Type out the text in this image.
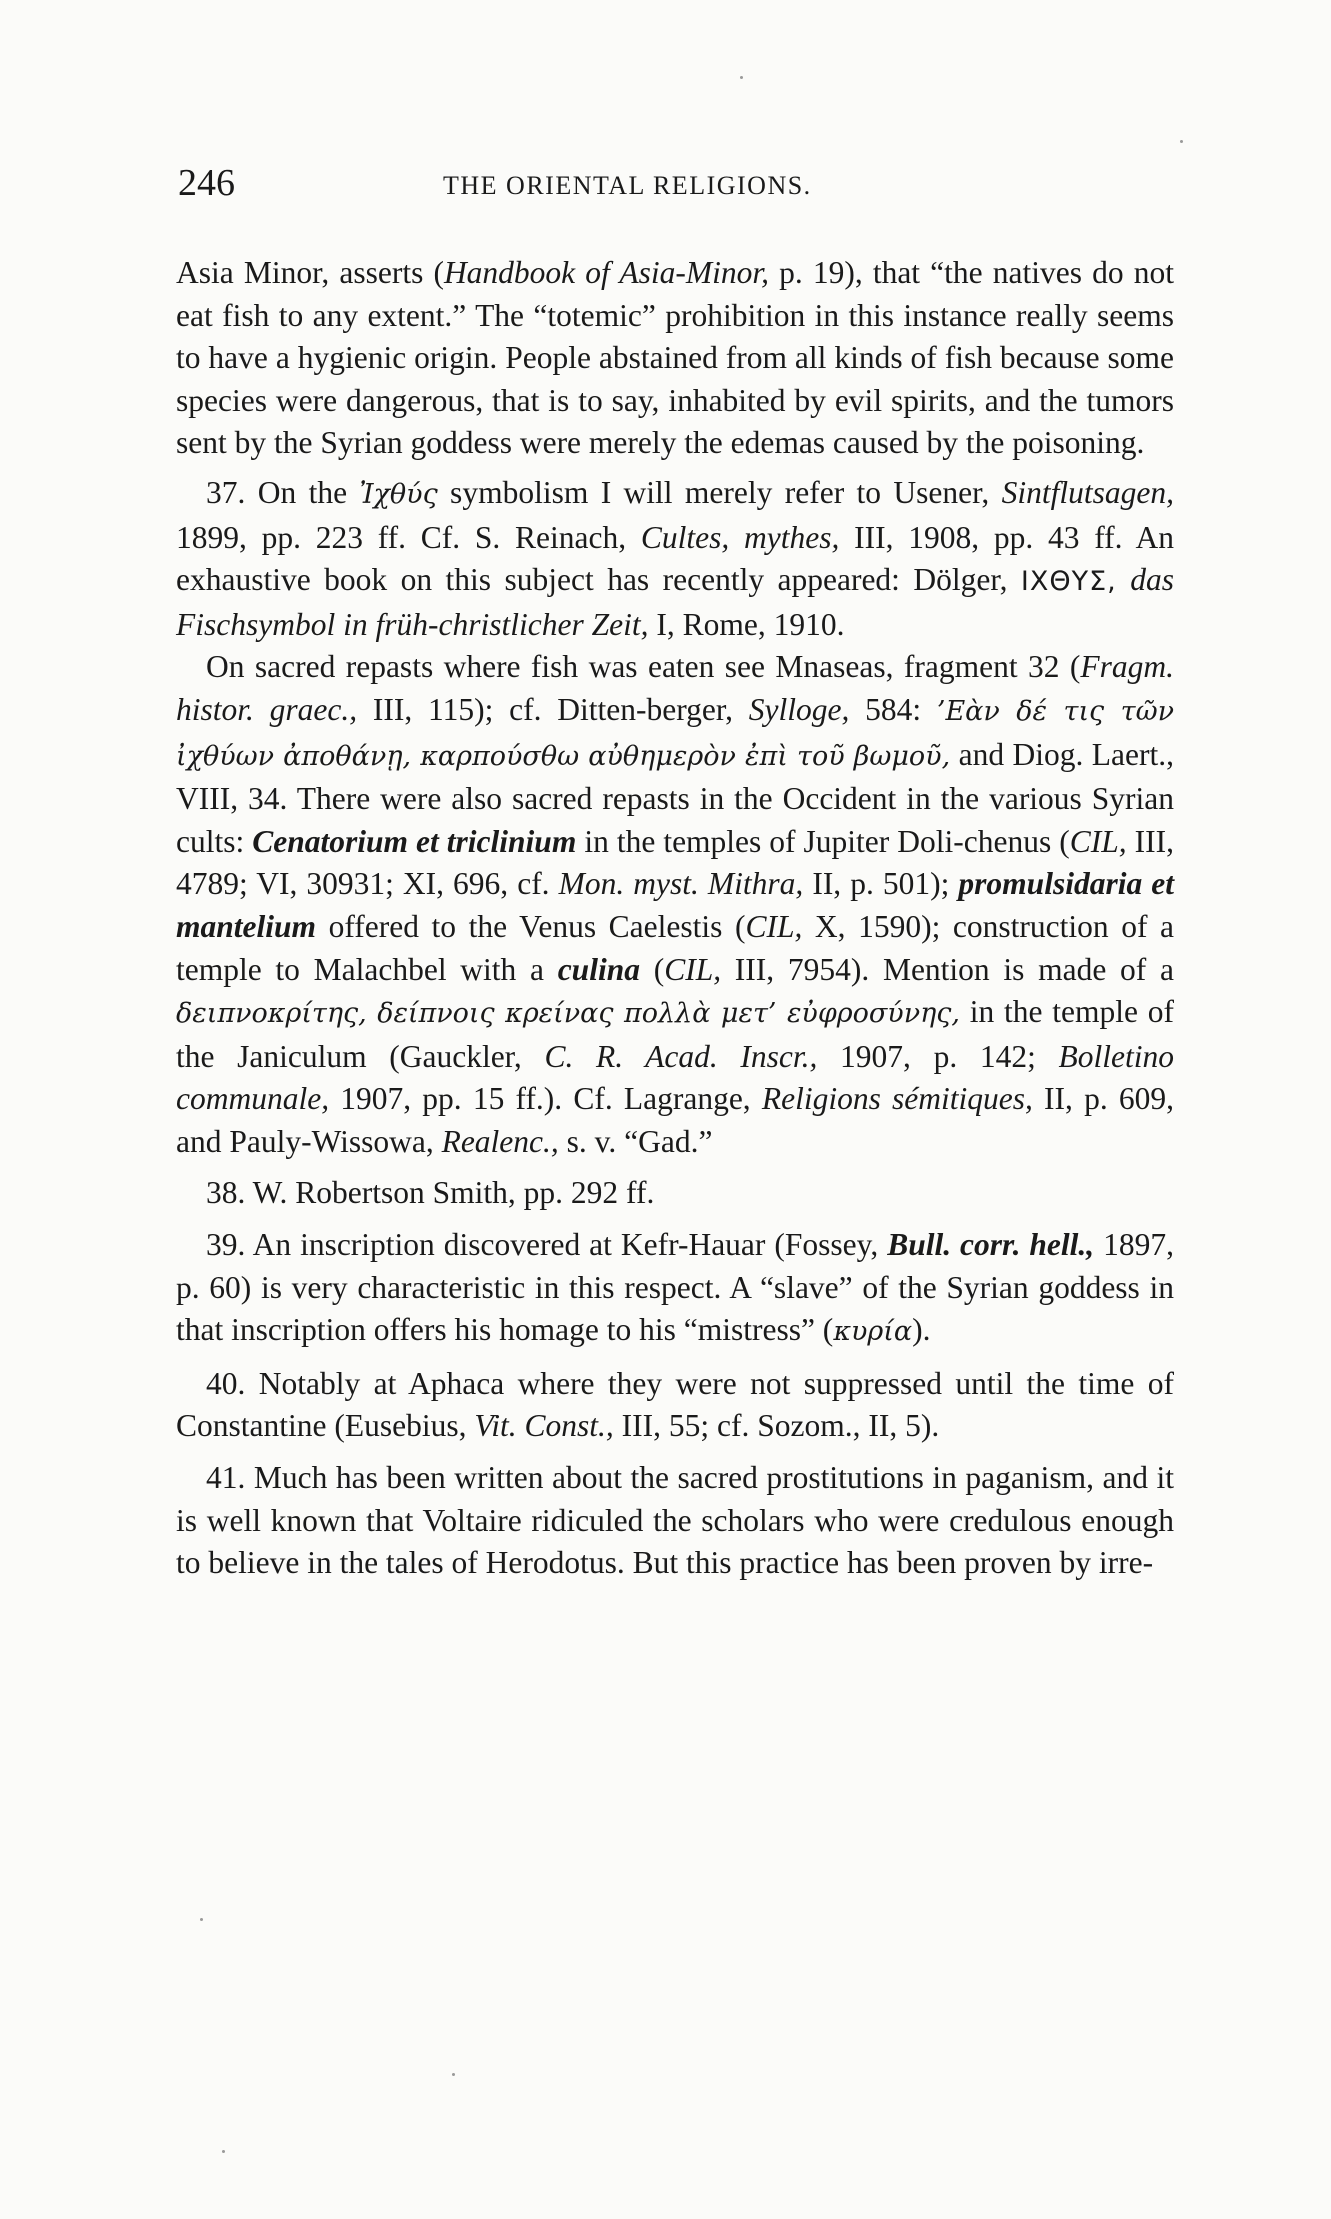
246	THE ORIENTAL RELIGIONS.

Asia Minor, asserts (Handbook of Asia-Minor, p. 19), that “the natives do not eat fish to any extent.” The “totemic” prohibition in this instance really seems to have a hygienic origin. People abstained from all kinds of fish because some species were dangerous, that is to say, inhabited by evil spirits, and the tumors sent by the Syrian goddess were merely the edemas caused by the poisoning.

37. On the Ἰχθύς symbolism I will merely refer to Usener, Sintflutsagen, 1899, pp. 223 ff. Cf. S. Reinach, Cultes, mythes, III, 1908, pp. 43 ff. An exhaustive book on this subject has recently appeared: Dölger, ΙΧΘΥΣ, das Fischsymbol in früh-christlicher Zeit, I, Rome, 1910.

On sacred repasts where fish was eaten see Mnaseas, fragment 32 (Fragm. histor. graec., III, 115); cf. Ditten-berger, Sylloge, 584: ’Εὰν δέ τις τῶν ἰχθύων ἀποθάνῃ, καρπούσθω αὐθημερὸν ἐπὶ τοῦ βωμοῦ, and Diog. Laert., VIII, 34. There were also sacred repasts in the Occident in the various Syrian cults: Cenatorium et triclinium in the temples of Jupiter Doli-chenus (CIL, III, 4789; VI, 30931; XI, 696, cf. Mon. myst. Mithra, II, p. 501); promulsidaria et mantelium offered to the Venus Caelestis (CIL, X, 1590); construction of a temple to Malachbel with a culina (CIL, III, 7954). Mention is made of a δειπνοκρίτης, δείπνοις κρείνας πολλὰ μετ’ εὐφροσύνης, in the temple of the Janiculum (Gauckler, C. R. Acad. Inscr., 1907, p. 142; Bolletino communale, 1907, pp. 15 ff.). Cf. Lagrange, Religions sémitiques, II, p. 609, and Pauly-Wissowa, Realenc., s. v. “Gad.”

38. W. Robertson Smith, pp. 292 ff.

39. An inscription discovered at Kefr-Hauar (Fossey, Bull. corr. hell., 1897, p. 60) is very characteristic in this respect. A “slave” of the Syrian goddess in that inscription offers his homage to his “mistress” (κυρία).

40. Notably at Aphaca where they were not suppressed until the time of Constantine (Eusebius, Vit. Const., III, 55; cf. Sozom., II, 5).

41. Much has been written about the sacred prostitutions in paganism, and it is well known that Voltaire ridiculed the scholars who were credulous enough to believe in the tales of Herodotus. But this practice has been proven by irre-
